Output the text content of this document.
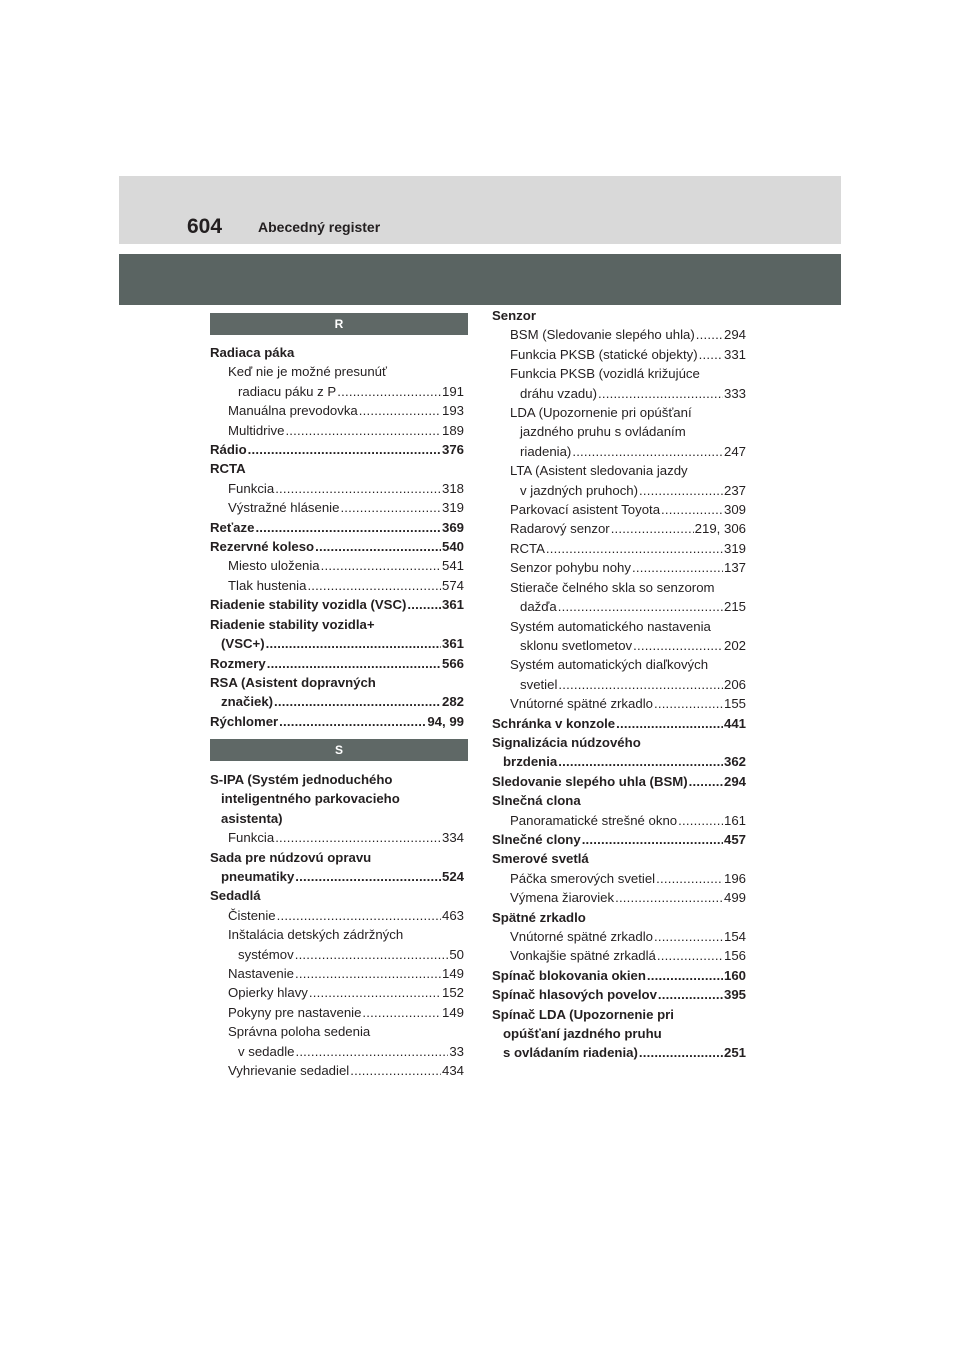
604	Abecedný register
R
Radiaca páka
Keď nie je možné presunúť
radiacu páku z P .....	191
Manuálna prevodovka .....	193
Multidrive .....	189
Rádio .....	376
RCTA
Funkcia .....	318
Výstražné hlásenie .....	319
Reťaze .....	369
Rezervné koleso .....	540
Miesto uloženia .....	541
Tlak hustenia .....	574
Riadenie stability vozidla (VSC) .....	361
Riadenie stability vozidla+
(VSC+) .....	361
Rozmery .....	566
RSA (Asistent dopravných
značiek) .....	282
Rýchlomer .....	94, 99
S
S-IPA (Systém jednoduchého
inteligentného parkovacieho
asistenta)
Funkcia .....	334
Sada pre núdzovú opravu
pneumatiky .....	524
Sedadlá
Čistenie .....	463
Inštalácia detských zádržných
systémov .....	50
Nastavenie .....	149
Opierky hlavy .....	152
Pokyny pre nastavenie .....	149
Správna poloha sedenia
v sedadle .....	33
Vyhrievanie sedadiel .....	434
Senzor
BSM (Sledovanie slepého uhla) ..... 294
Funkcia PKSB (statické objekty) ..... 331
Funkcia PKSB (vozidlá križujúce
dráhu vzadu) .....	333
LDA (Upozornenie pri opúšťaní
jazdného pruhu s ovládaním
riadenia) .....	247
LTA (Asistent sledovania jazdy
v jazdných pruhoch) .....	237
Parkovací asistent Toyota .....	309
Radarový senzor .....	219, 306
RCTA .....	319
Senzor pohybu nohy .....	137
Stierače čelného skla so senzorom
dažďa .....	215
Systém automatického nastavenia
sklonu svetlometov .....	202
Systém automatických diaľkových
svetiel .....	206
Vnútorné spätné zrkadlo .....	155
Schránka v konzole .....	441
Signalizácia núdzového
brzdenia .....	362
Sledovanie slepého uhla (BSM) .....	294
Slnečná clona
Panoramatické strešné okno .....	161
Slnečné clony .....	457
Smerové svetlá
Páčka smerových svetiel .....	196
Výmena žiaroviek .....	499
Spätné zrkadlo
Vnútorné spätné zrkadlo .....	154
Vonkajšie spätné zrkadlá .....	156
Spínač blokovania okien .....	160
Spínač hlasových povelov .....	395
Spínač LDA (Upozornenie pri
opúšťaní jazdného pruhu
s ovládaním riadenia) .....	251
